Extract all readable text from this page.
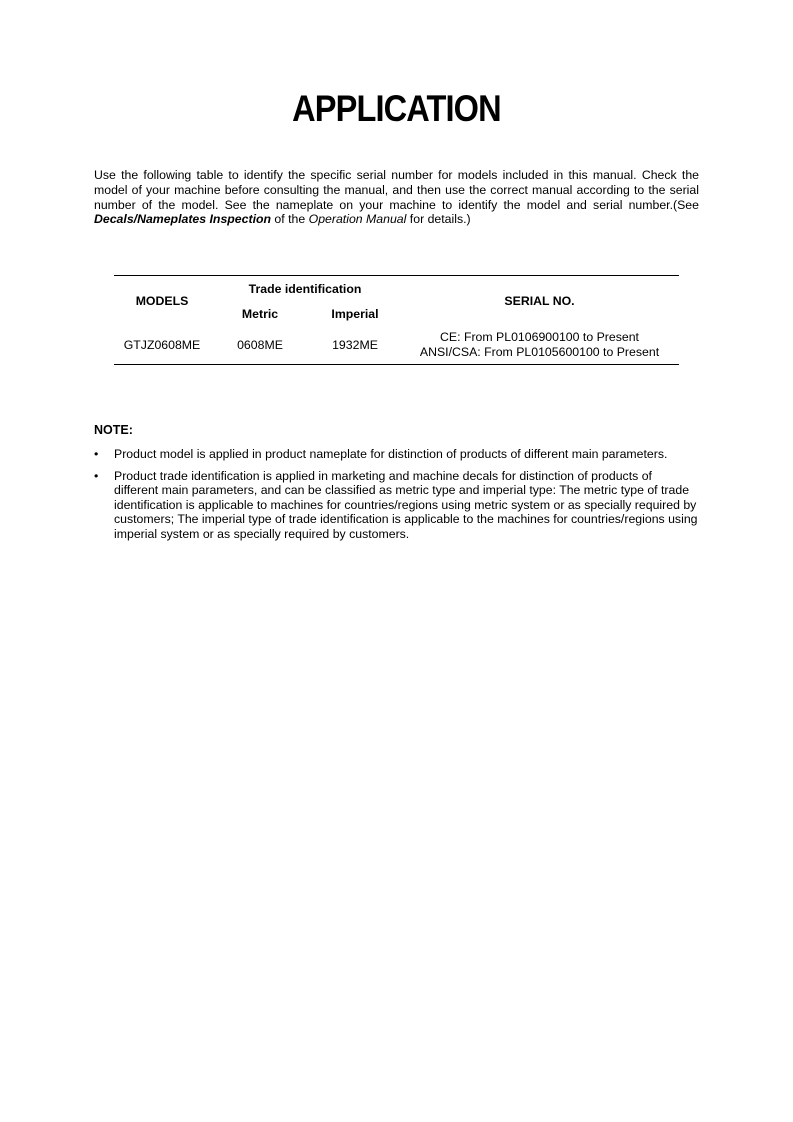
APPLICATION

Use the following table to identify the specific serial number for models included in this manual. Check the model of your machine before consulting the manual, and then use the correct manual according to the serial number of the model. See the nameplate on your machine to identify the model and serial number.(See Decals/Nameplates Inspection of the Operation Manual for details.)

MODELS	Trade identification		SERIAL NO.
	Metric	Imperial	
GTJZ0608ME	0608ME	1932ME	CE: From PL0106900100 to Present
ANSI/CSA: From PL0105600100 to Present

NOTE:

• Product model is applied in product nameplate for distinction of products of different main parameters.
• Product trade identification is applied in marketing and machine decals for distinction of products of different main parameters, and can be classified as metric type and imperial type: The metric type of trade identification is applicable to machines for countries/regions using metric system or as specially required by customers; The imperial type of trade identification is applicable to the machines for countries/regions using imperial system or as specially required by customers.
